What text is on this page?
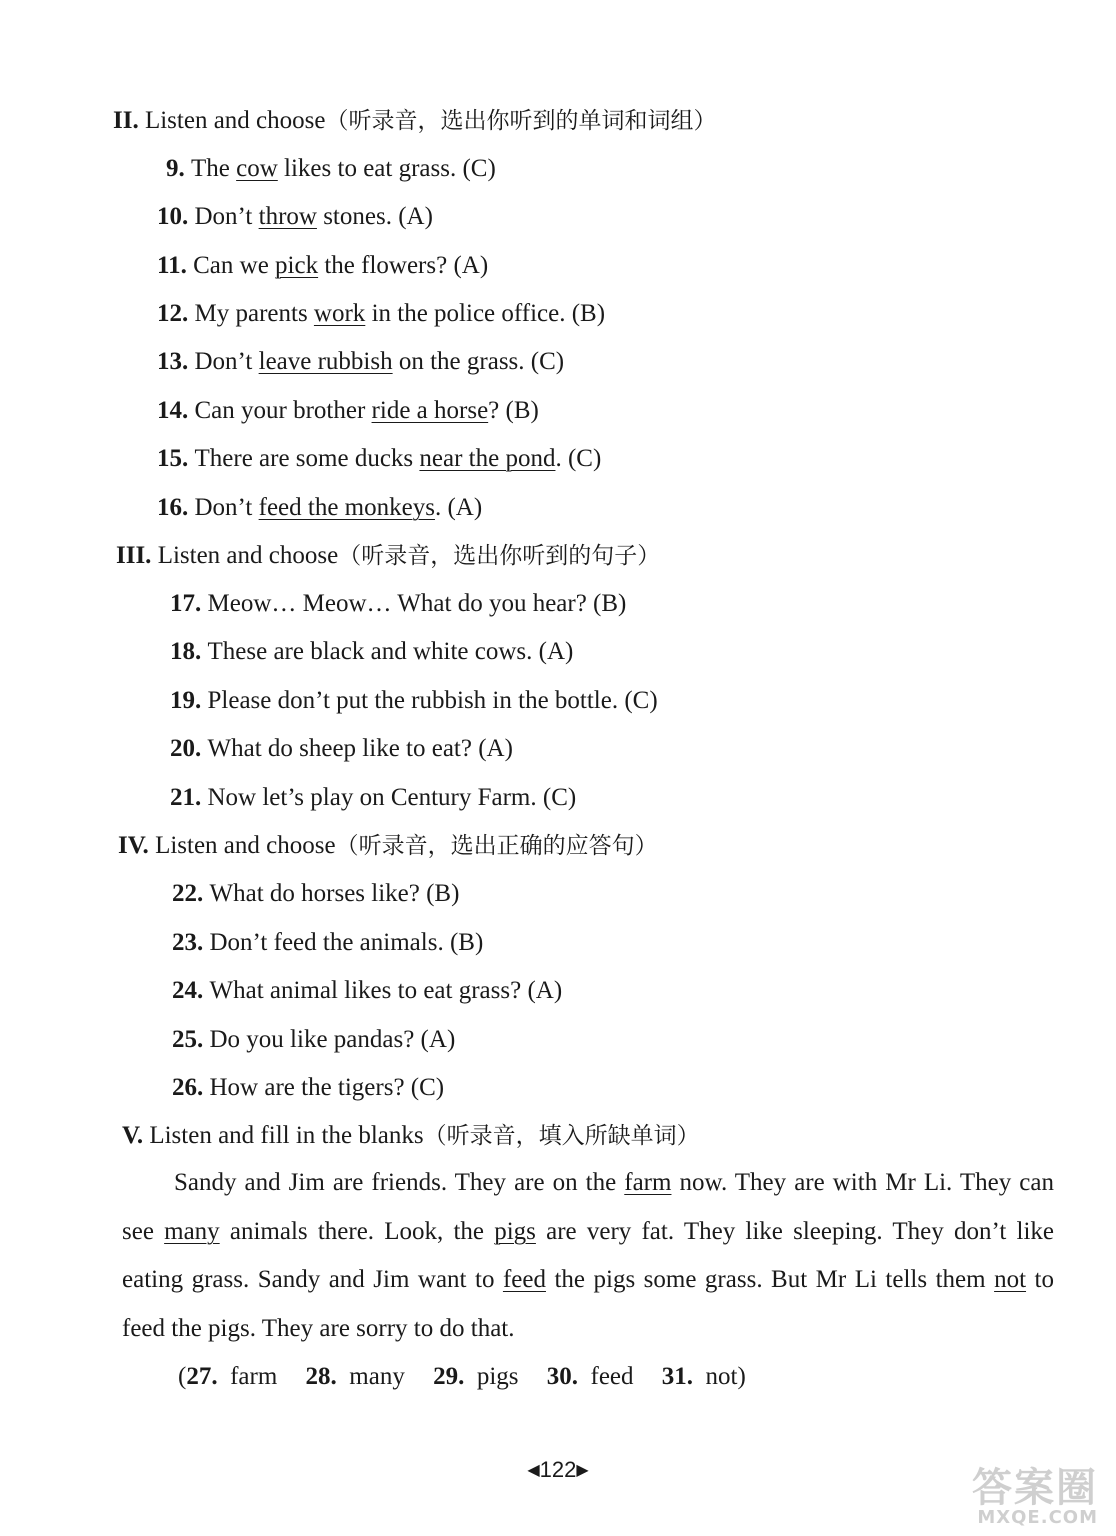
II. Listen and choose（听录音，选出你听到的单词和词组）
9. The cow likes to eat grass. (C)
10. Don’t throw stones. (A)
11. Can we pick the flowers? (A)
12. My parents work in the police office. (B)
13. Don’t leave rubbish on the grass. (C)
14. Can your brother ride a horse? (B)
15. There are some ducks near the pond. (C)
16. Don’t feed the monkeys. (A)
III. Listen and choose（听录音，选出你听到的句子）
17. Meow… Meow… What do you hear? (B)
18. These are black and white cows. (A)
19. Please don’t put the rubbish in the bottle. (C)
20. What do sheep like to eat? (A)
21. Now let’s play on Century Farm. (C)
IV. Listen and choose（听录音，选出正确的应答句）
22. What do horses like? (B)
23. Don’t feed the animals. (B)
24. What animal likes to eat grass? (A)
25. Do you like pandas? (A)
26. How are the tigers? (C)
V. Listen and fill in the blanks（听录音，填入所缺单词）
Sandy and Jim are friends. They are on the farm now. They are with Mr Li. They can see many animals there. Look, the pigs are very fat. They like sleeping. They don’t like eating grass. Sandy and Jim want to feed the pigs some grass. But Mr Li tells them not to feed the pigs. They are sorry to do that.
(27. farm 28. many 29. pigs 30. feed 31. not)
◀122▶	答案圈
MXQE.COM
